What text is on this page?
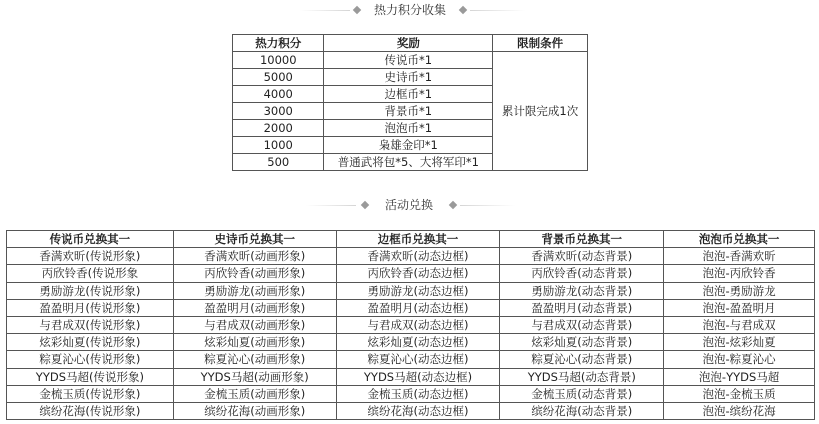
热力积分收集
热力积分	奖励	限制条件
10000	传说币*1	累计限完成1次
5000	史诗币*1	
4000	边框币*1	
3000	背景币*1	
2000	泡泡币*1	
1000	枭雄金印*1	
500	普通武将包*5、大将军印*1	
活动兑换
传说币兑换其一	史诗币兑换其一	边框币兑换其一	背景币兑换其一	泡泡币兑换其一
香满欢昕(传说形象)	香满欢昕(动画形象)	香满欢昕(动态边框)	香满欢昕(动态背景)	泡泡-香满欢昕
丙欣铃香(传说形象	丙欣铃香(动画形象)	丙欣铃香(动态边框)	丙欣铃香(动态背景)	泡泡-丙欣铃香
勇励游龙(传说形象)	勇励游龙(动画形象)	勇励游龙(动态边框)	勇励游龙(动态背景)	泡泡-勇励游龙
盈盈明月(传说形象)	盈盈明月(动画形象)	盈盈明月(动态边框)	盈盈明月(动态背景)	泡泡-盈盈明月
与君成双(传说形象)	与君成双(动画形象)	与君成双(动态边框)	与君成双(动态背景)	泡泡-与君成双
炫彩灿夏(传说形象)	炫彩灿夏(动画形象)	炫彩灿夏(动态边框)	炫彩灿夏(动态背景)	泡泡-炫彩灿夏
粽夏沁心(传说形象)	粽夏沁心(动画形象)	粽夏沁心(动态边框)	粽夏沁心(动态背景)	泡泡-粽夏沁心
YYDS马超(传说形象)	YYDS马超(动画形象)	YYDS马超(动态边框)	YYDS马超(动态背景)	泡泡-YYDS马超
金梳玉质(传说形象)	金梳玉质(动画形象)	金梳玉质(动态边框)	金梳玉质(动态背景)	泡泡-金梳玉质
缤纷花海(传说形象)	缤纷花海(动画形象)	缤纷花海(动态边框)	缤纷花海(动态背景)	泡泡-缤纷花海
